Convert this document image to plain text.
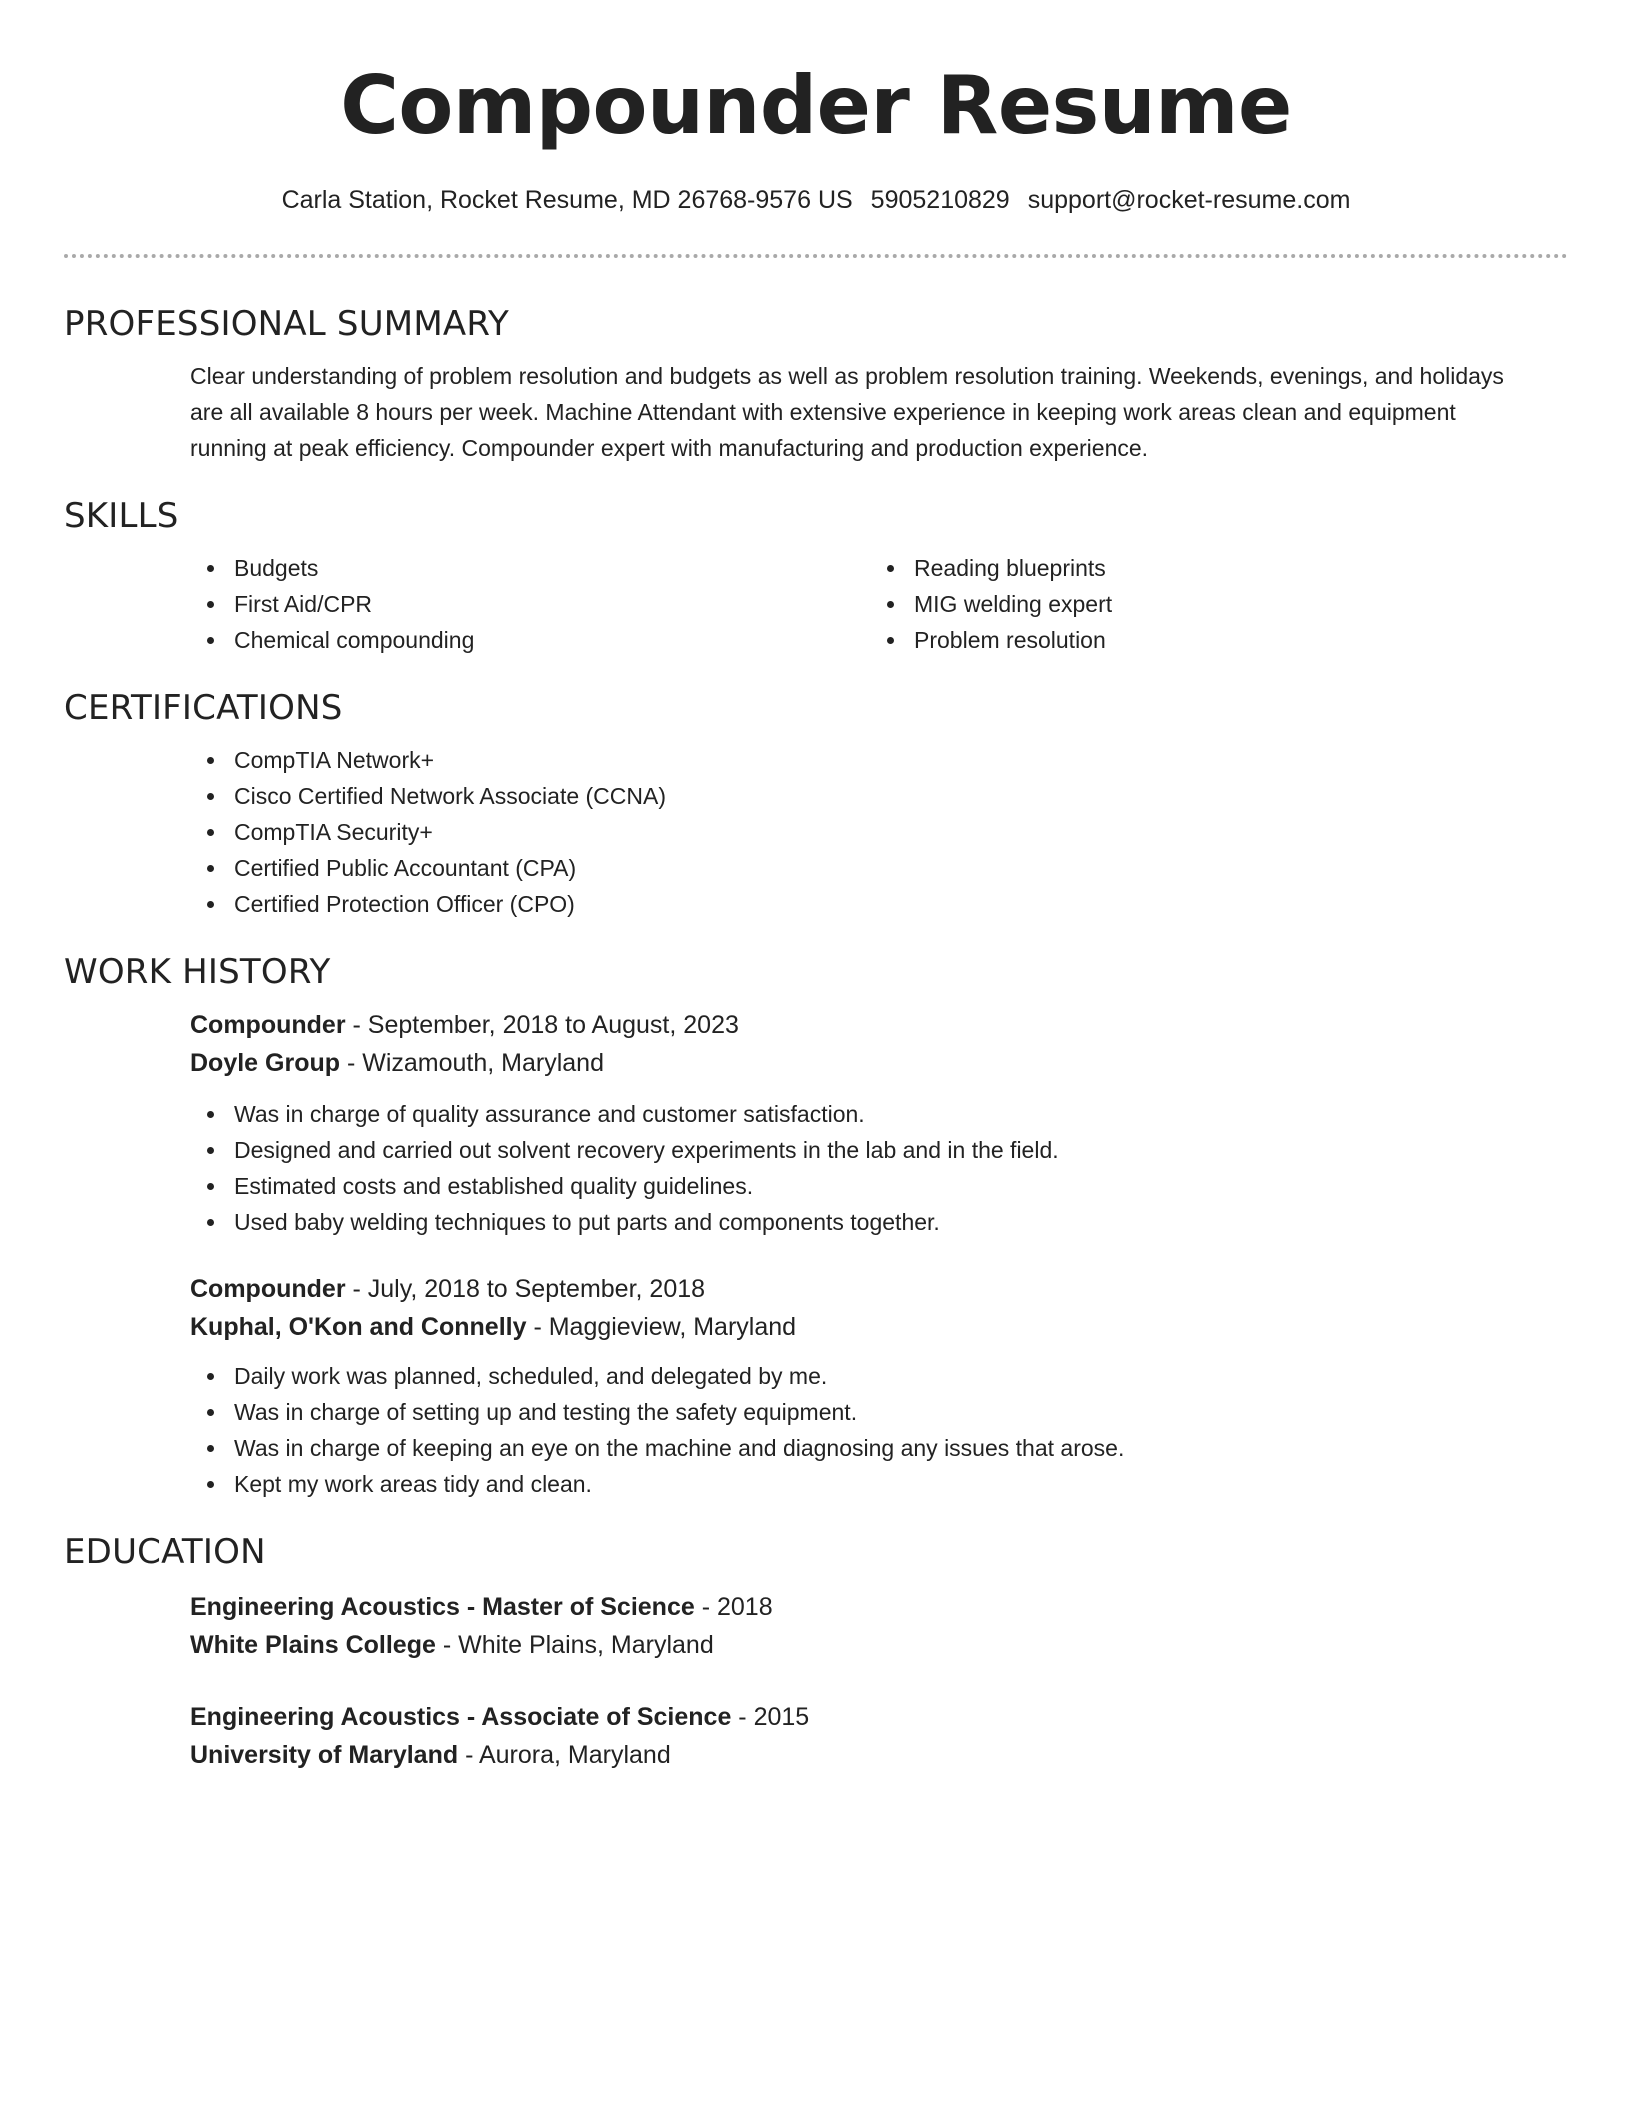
Compounder Resume
Carla Station, Rocket Resume, MD 26768-9576 US 5905210829 support@rocket-resume.com
PROFESSIONAL SUMMARY
Clear understanding of problem resolution and budgets as well as problem resolution training. Weekends, evenings, and holidays are all available 8 hours per week. Machine Attendant with extensive experience in keeping work areas clean and equipment running at peak efficiency. Compounder expert with manufacturing and production experience.
SKILLS
Budgets
First Aid/CPR
Chemical compounding
Reading blueprints
MIG welding expert
Problem resolution
CERTIFICATIONS
CompTIA Network+
Cisco Certified Network Associate (CCNA)
CompTIA Security+
Certified Public Accountant (CPA)
Certified Protection Officer (CPO)
WORK HISTORY
Compounder - September, 2018 to August, 2023
Doyle Group - Wizamouth, Maryland
Was in charge of quality assurance and customer satisfaction.
Designed and carried out solvent recovery experiments in the lab and in the field.
Estimated costs and established quality guidelines.
Used baby welding techniques to put parts and components together.
Compounder - July, 2018 to September, 2018
Kuphal, O'Kon and Connelly - Maggieview, Maryland
Daily work was planned, scheduled, and delegated by me.
Was in charge of setting up and testing the safety equipment.
Was in charge of keeping an eye on the machine and diagnosing any issues that arose.
Kept my work areas tidy and clean.
EDUCATION
Engineering Acoustics - Master of Science - 2018
White Plains College - White Plains, Maryland
Engineering Acoustics - Associate of Science - 2015
University of Maryland - Aurora, Maryland
